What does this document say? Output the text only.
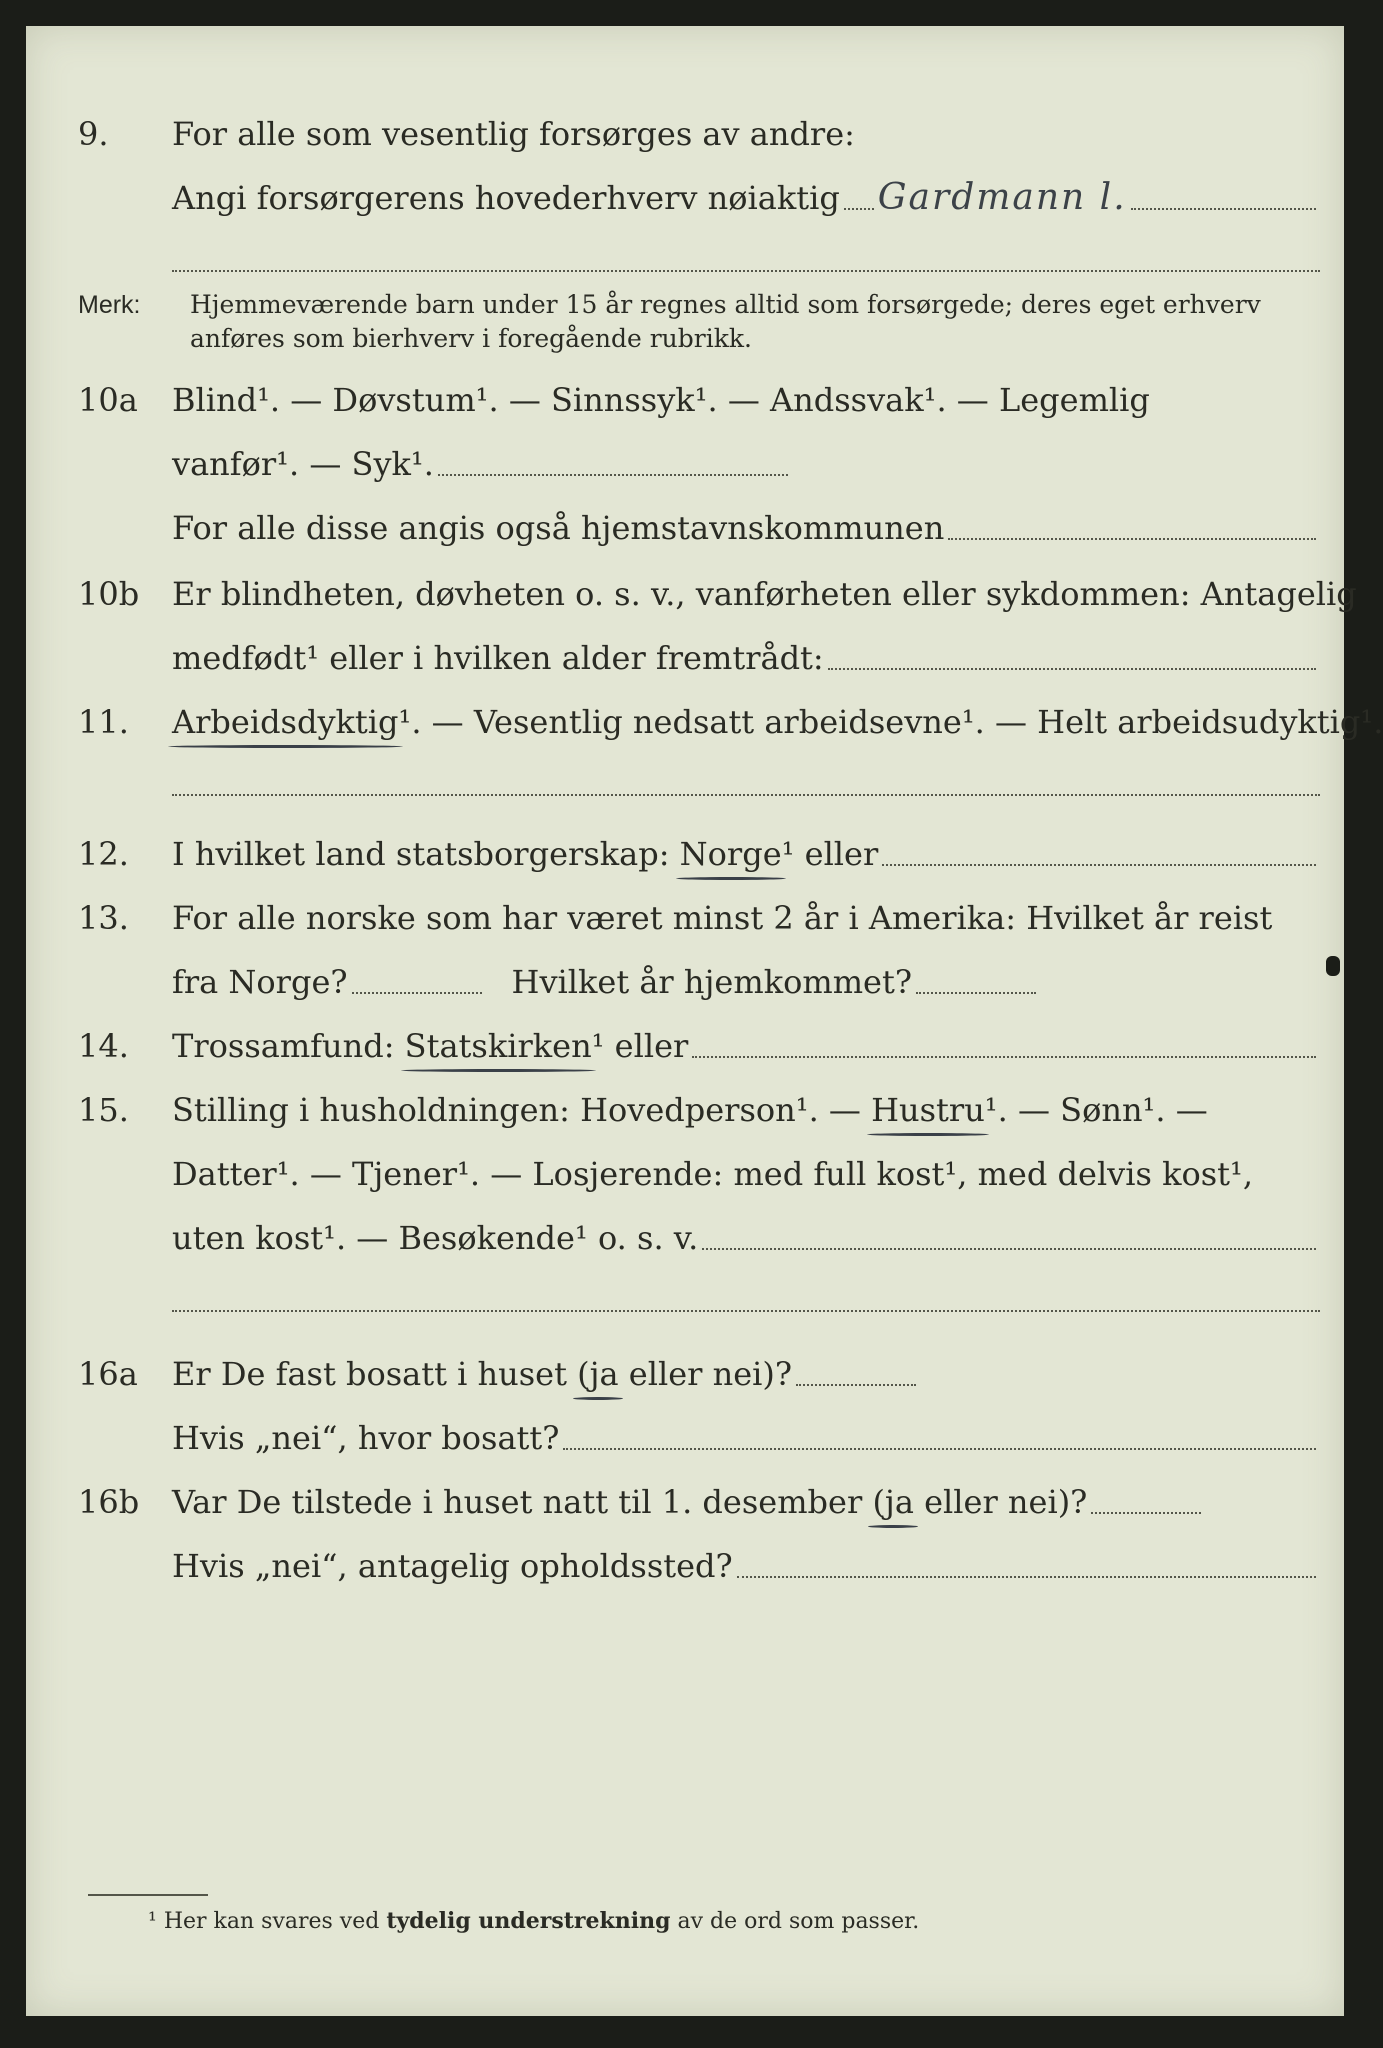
9. For alle som vesentlig forsørges av andre:
Angi forsørgerens hovederhverv nøiaktig Gardmann l.
Merk: Hjemmeværende barn under 15 år regnes alltid som forsørgede; deres eget erhverv anføres som bierhverv i foregående rubrikk.
10a Blind¹. — Døvstum¹. — Sinnssyk¹. — Andssvak¹. — Legemlig
vanfør¹. — Syk¹.
For alle disse angis også hjemstavnskommunen
10b Er blindheten, døvheten o. s. v., vanførheten eller sykdommen: Antagelig
medfødt¹ eller i hvilken alder fremtrådt:
11. Arbeidsdyktig ¹. — Vesentlig nedsatt arbeidsevne¹. — Helt arbeidsudyktig¹.
12. I hvilket land statsborgerskap: Norge ¹ eller
13. For alle norske som har været minst 2 år i Amerika: Hvilket år reist
fra Norge?	Hvilket år hjemkommet?
14. Trossamfund: Statskirken ¹ eller
15. Stilling i husholdningen: Hovedperson¹. — Hustru ¹. — Sønn¹. —
Datter¹. — Tjener¹. — Losjerende: med full kost¹, med delvis kost¹,
uten kost¹. — Besøkende¹ o. s. v.
16a Er De fast bosatt i huset (ja eller nei)?
Hvis „nei“, hvor bosatt?
16b Var De tilstede i huset natt til 1. desember (ja eller nei)?
Hvis „nei“, antagelig opholdssted?
¹ Her kan svares ved tydelig understrekning av de ord som passer.
